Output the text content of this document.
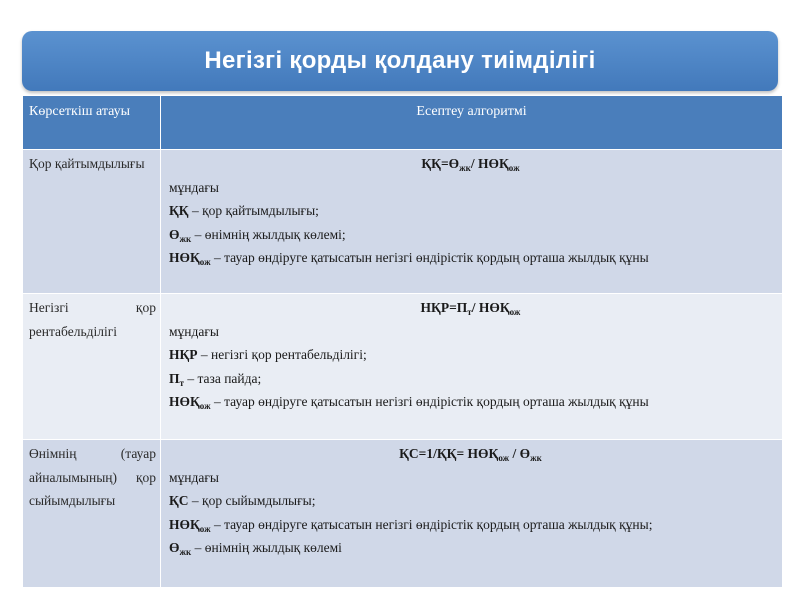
Негізгі қорды қолдану тиімділігі
Көрсеткіш атауы	Есептеу алгоритмі
Қор қайтымдылығы	$ҚҚ=Ө_{жк}/$ $НӨҚ_{ож}$
мұндағы
ҚҚ – қор қайтымдылығы;
$Ө_{жк}$ – өнімнің жылдық көлемі;
$НӨҚ_{ож}$ – тауар өндіруге қатысатын негізгі өндірістік қордың орташа жылдық құны

Негізгі қор рентабельділігі	$НҚР=П_т/$ $НӨҚ_{ож}$
мұндағы
НҚР – негізгі қор рентабельділігі;
$П_т$ – таза пайда;
$НӨҚ_{ож}$ – тауар өндіруге қатысатын негізгі өндірістік қордың орташа жылдық құны

Өнімнің (тауар айналымының) қор сыйымдылығы	$ҚС=1/ҚҚ= НӨҚ_{ож} / Ө_{жк}$
мұндағы
ҚС – қор сыйымдылығы;
$НӨҚ_{ож}$ – тауар өндіруге қатысатын негізгі өндірістік қордың орташа жылдық құны;
$Ө_{жк}$ – өнімнің жылдық көлемі
